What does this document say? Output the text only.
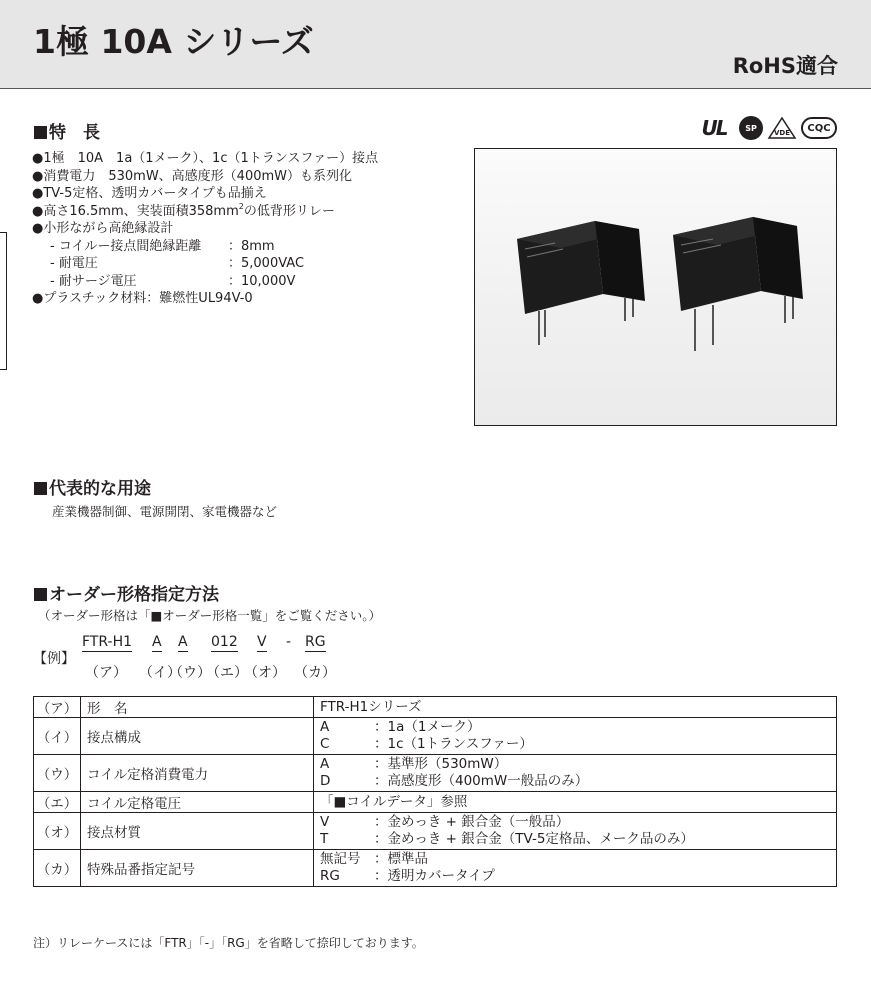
1極 10A シリーズ
RoHS適合
特　長	UL	SP
VDE	CQC
●1極　10A　1a（1メーク）、1c（1トランスファー）接点
●消費電力　530mW、高感度形（400mW）も系列化
●TV-5定格、透明カバータイプも品揃え
●高さ16.5mm、実装面積$358mm^2$の低背形リレー
●小形ながら高絶縁設計
- コイルー接点間絶縁距離 ：8mm
- 耐電圧	：5,000VAC
- 耐サージ電圧	：10,000V
●プラスチック材料：難燃性UL94V-0
代表的な用途
産業機器制御、電源開閉、家電機器など
オーダー形格指定方法
（オーダー形格は「■オーダー形格一覧」をご覧ください。）
【例】
FTR-H1 A A 012 V - RG
（ア） （イ）
（ウ）
（エ）
（オ） （カ）
（ア）	形　名	FTR-H1シリーズ

（イ）	接点構成	A ：1a（1メーク）
C ：1c（1トランスファー）

（ウ）	コイル定格消費電力	A ：基準形（530mW）
D ：高感度形（400mW一般品のみ）

（エ）	コイル定格電圧	「■コイルデータ」参照

（オ）	接点材質	V ：金めっき + 銀合金（一般品）
T ：金めっき + 銀合金（TV-5定格品、メーク品のみ）

（カ）	特殊品番指定記号	無記号 ：標準品
RG ：透明カバータイプ
注）リレーケースには「FTR」「-」「RG」を省略して捺印しております。
